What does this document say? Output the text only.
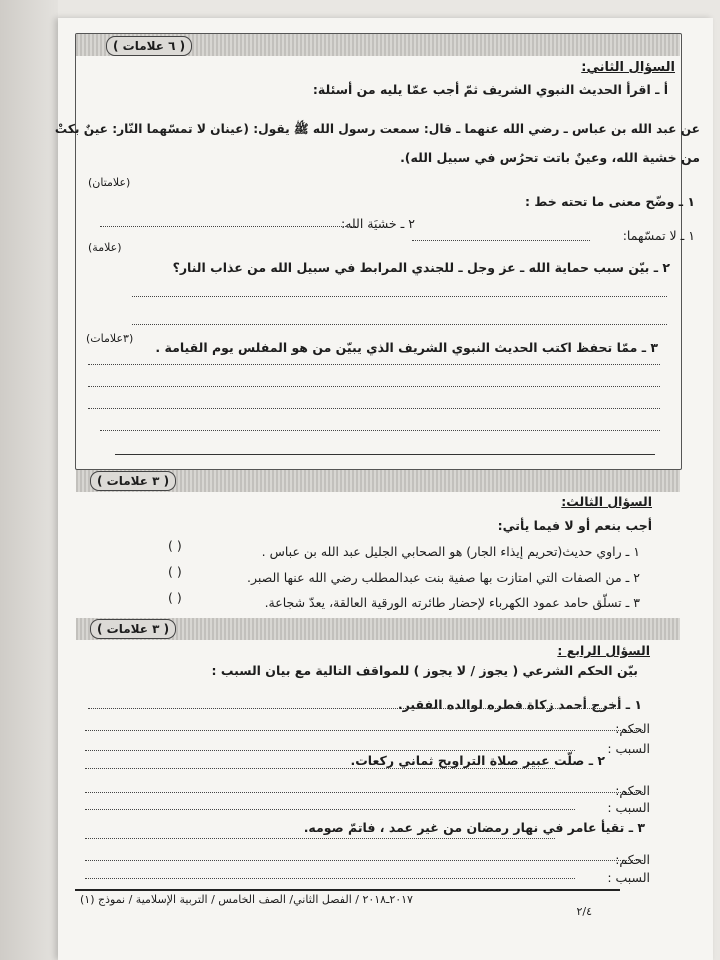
( ٦ علامات )
السؤال الثاني:
أ ـ اقرأ الحديث النبوي الشريف ثمّ أجب عمّا يليه من أسئلة:
عن عبد الله بن عباس ـ رضي الله عنهما ـ قال: سمعت رسول الله ﷺ يقول: (عينان لا تمسّهما النّار: عينٌ بكتْ
من خشية الله، وعينٌ باتت تحرُس في سبيل الله).
(علامتان)
١ ـ وضّح معنى ما تحته خط :
١ ـ لا تمسّهما:
٢ ـ خشيَة الله:
(علامة)
٢ ـ بيّن سبب حماية الله ـ عز وجل ـ للجندي المرابط في سبيل الله من عذاب النار؟
(٣علامات)
٣ ـ ممّا تحفظ اكتب الحديث النبوي الشريف الذي يبيّن من هو المفلس يوم القيامة .
( ٣ علامات )
السؤال الثالث:
أجب بنعم أو لا فيما يأتي:
١ ـ راوي حديث(تحريم إيذاء الجار) هو الصحابي الجليل عبد الله بن عباس .
( )
٢ ـ من الصفات التي امتازت بها صفية بنت عبدالمطلب رضي الله عنها الصبر.
( )
٣ ـ تسلّق حامد عمود الكهرباء لإحضار طائرته الورقية العالقة، يعدّ شجاعة.
( )
( ٣ علامات )
السؤال الرابع :
بيّن الحكم الشرعي ( يجوز / لا يجوز ) للمواقف التالية مع بيان السبب :
١ ـ أخرج أحمد زكاة فطره لوالده الفقير.
الحكم:
السبب :
٢ ـ صلّت عبير صلاة التراويح ثماني ركعات.
الحكم:
السبب :
٣ ـ تقيأ عامر في نهار رمضان من غير عمد ، فاتمّ صومه.
الحكم:
السبب :
٢٠١٧ـ٢٠١٨ / الفصل الثاني/ الصف الخامس / التربية الإسلامية / نموذج (١)
٢/٤
